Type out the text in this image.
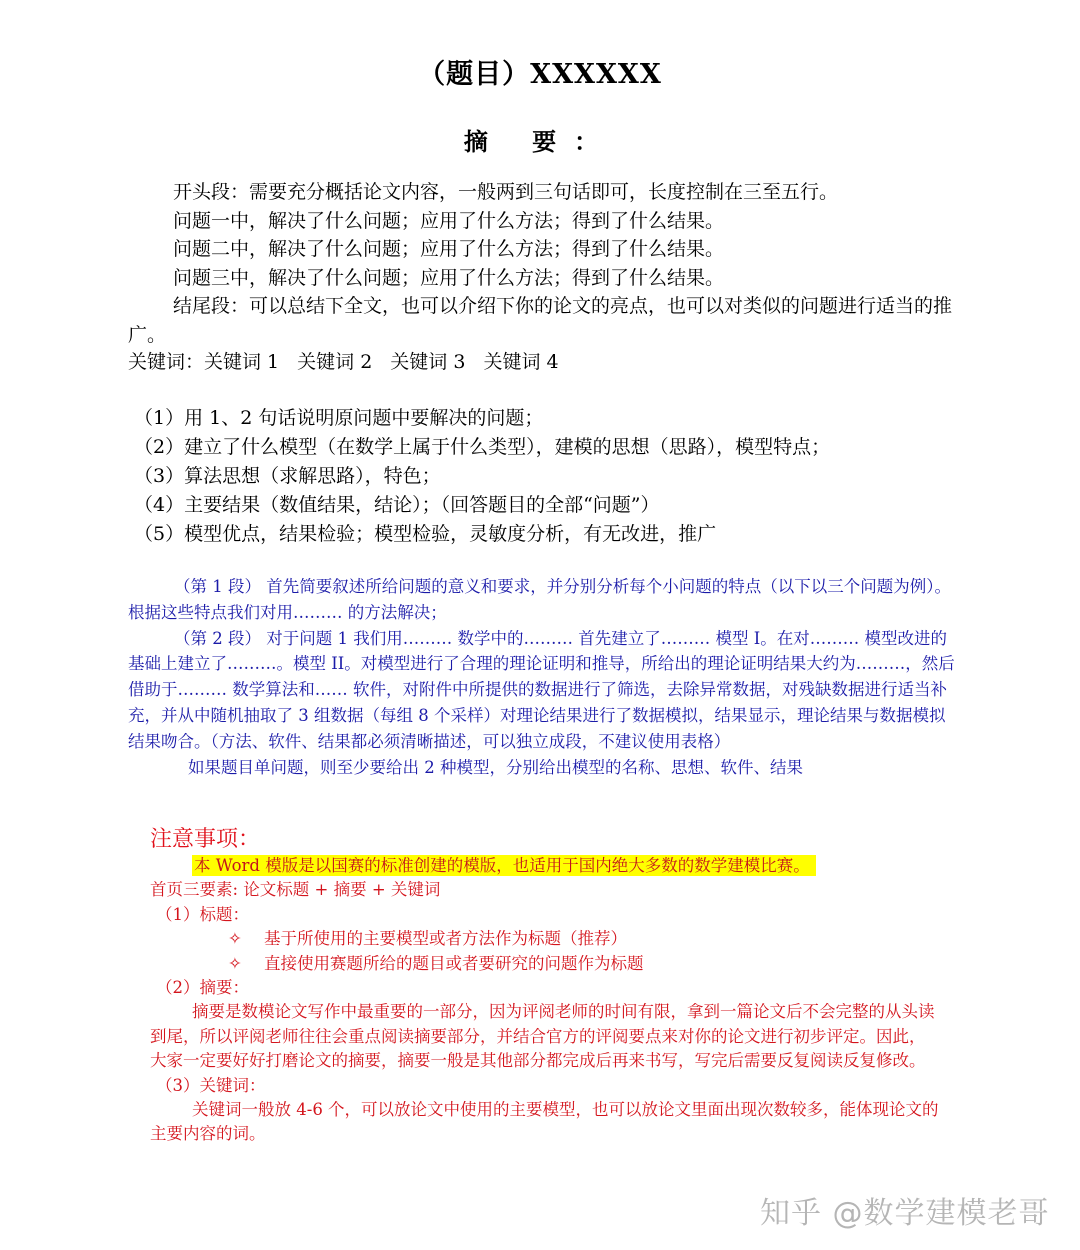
（题目）XXXXXX
摘 要：

开头段：需要充分概括论文内容，一般两到三句话即可，长度控制在三至五行。

问题一中，解决了什么问题；应用了什么方法；得到了什么结果。

问题二中，解决了什么问题；应用了什么方法；得到了什么结果。

问题三中，解决了什么问题；应用了什么方法；得到了什么结果。

结尾段：可以总结下全文，也可以介绍下你的论文的亮点，也可以对类似的问题进行适当的推广。

关键词：关键词 1 关键词 2 关键词 3 关键词 4
（1）用 1、2 句话说明原问题中要解决的问题；
（2）建立了什么模型（在数学上属于什么类型），建模的思想（思路），模型特点；
（3）算法思想（求解思路），特色；
（4）主要结果（数值结果，结论）；（回答题目的全部“问题”）
（5）模型优点，结果检验；模型检验，灵敏度分析，有无改进，推广

（第 1 段） 首先简要叙述所给问题的意义和要求，并分别分析每个小问题的特点（以下以三个问题为例）。根据这些特点我们对用……… 的方法解决；

（第 2 段） 对于问题 1 我们用……… 数学中的……… 首先建立了……… 模型 I。在对……… 模型改进的基础上建立了………。模型 II。对模型进行了合理的理论证明和推导，所给出的理论证明结果大约为………，然后借助于……… 数学算法和…… 软件，对附件中所提供的数据进行了筛选，去除异常数据，对残缺数据进行适当补充，并从中随机抽取了 3 组数据（每组 8 个采样）对理论结果进行了数据模拟，结果显示，理论结果与数据模拟结果吻合。（方法、软件、结果都必须清晰描述，可以独立成段，不建议使用表格）

如果题目单问题，则至少要给出 2 种模型，分别给出模型的名称、思想、软件、结果

注意事项：

本 Word 模版是以国赛的标准创建的模版，也适用于国内绝大多数的数学建模比赛。

首页三要素: 论文标题 + 摘要 + 关键词

（1）标题：

✧ 基于所使用的主要模型或者方法作为标题（推荐）

✧ 直接使用赛题所给的题目或者要研究的问题作为标题

（2）摘要：

摘要是数模论文写作中最重要的一部分，因为评阅老师的时间有限，拿到一篇论文后不会完整的从头读到尾，所以评阅老师往往会重点阅读摘要部分，并结合官方的评阅要点来对你的论文进行初步评定。因此，大家一定要好好打磨论文的摘要，摘要一般是其他部分都完成后再来书写，写完后需要反复阅读反复修改。

（3）关键词：

关键词一般放 4-6 个，可以放论文中使用的主要模型，也可以放论文里面出现次数较多，能体现论文的主要内容的词。

知乎 @数学建模老哥
